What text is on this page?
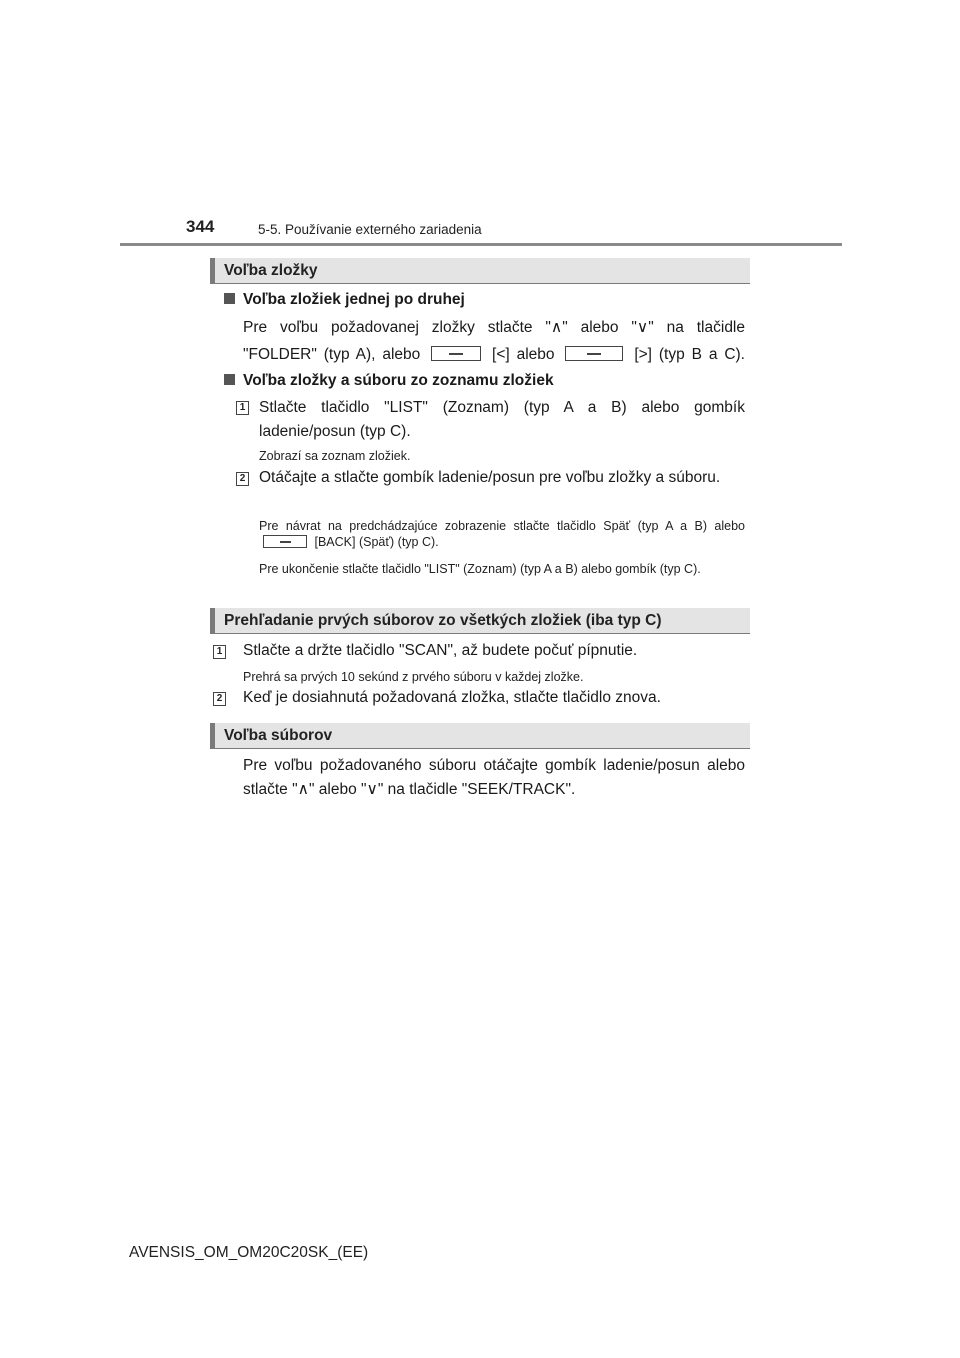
344	5-5. Používanie externého zariadenia
Voľba zložky
Voľba zložiek jednej po druhej
Pre voľbu požadovanej zložky stlačte "∧" alebo "∨" na tlačidle
"FOLDER" (typ A), alebo	[<] alebo	[>] (typ B a C).
Voľba zložky a súboru zo zoznamu zložiek
1 Stlačte tlačidlo "LIST" (Zoznam) (typ A a B) alebo gombík ladenie/posun (typ C).
Zobrazí sa zoznam zložiek.
2 Otáčajte a stlačte gombík ladenie/posun pre voľbu zložky a súboru.
Pre návrat na predchádzajúce zobrazenie stlačte tlačidlo Späť (typ A a B) alebo
[BACK] (Späť) (typ C).
Pre ukončenie stlačte tlačidlo "LIST" (Zoznam) (typ A a B) alebo gombík (typ C).
Prehľadanie prvých súborov zo všetkých zložiek (iba typ C)
1 Stlačte a držte tlačidlo "SCAN", až budete počuť pípnutie.
Prehrá sa prvých 10 sekúnd z prvého súboru v každej zložke.
2 Keď je dosiahnutá požadovaná zložka, stlačte tlačidlo znova.
Voľba súborov
Pre voľbu požadovaného súboru otáčajte gombík ladenie/posun alebo stlačte "∧" alebo "∨" na tlačidle "SEEK/TRACK".
AVENSIS_OM_OM20C20SK_(EE)
